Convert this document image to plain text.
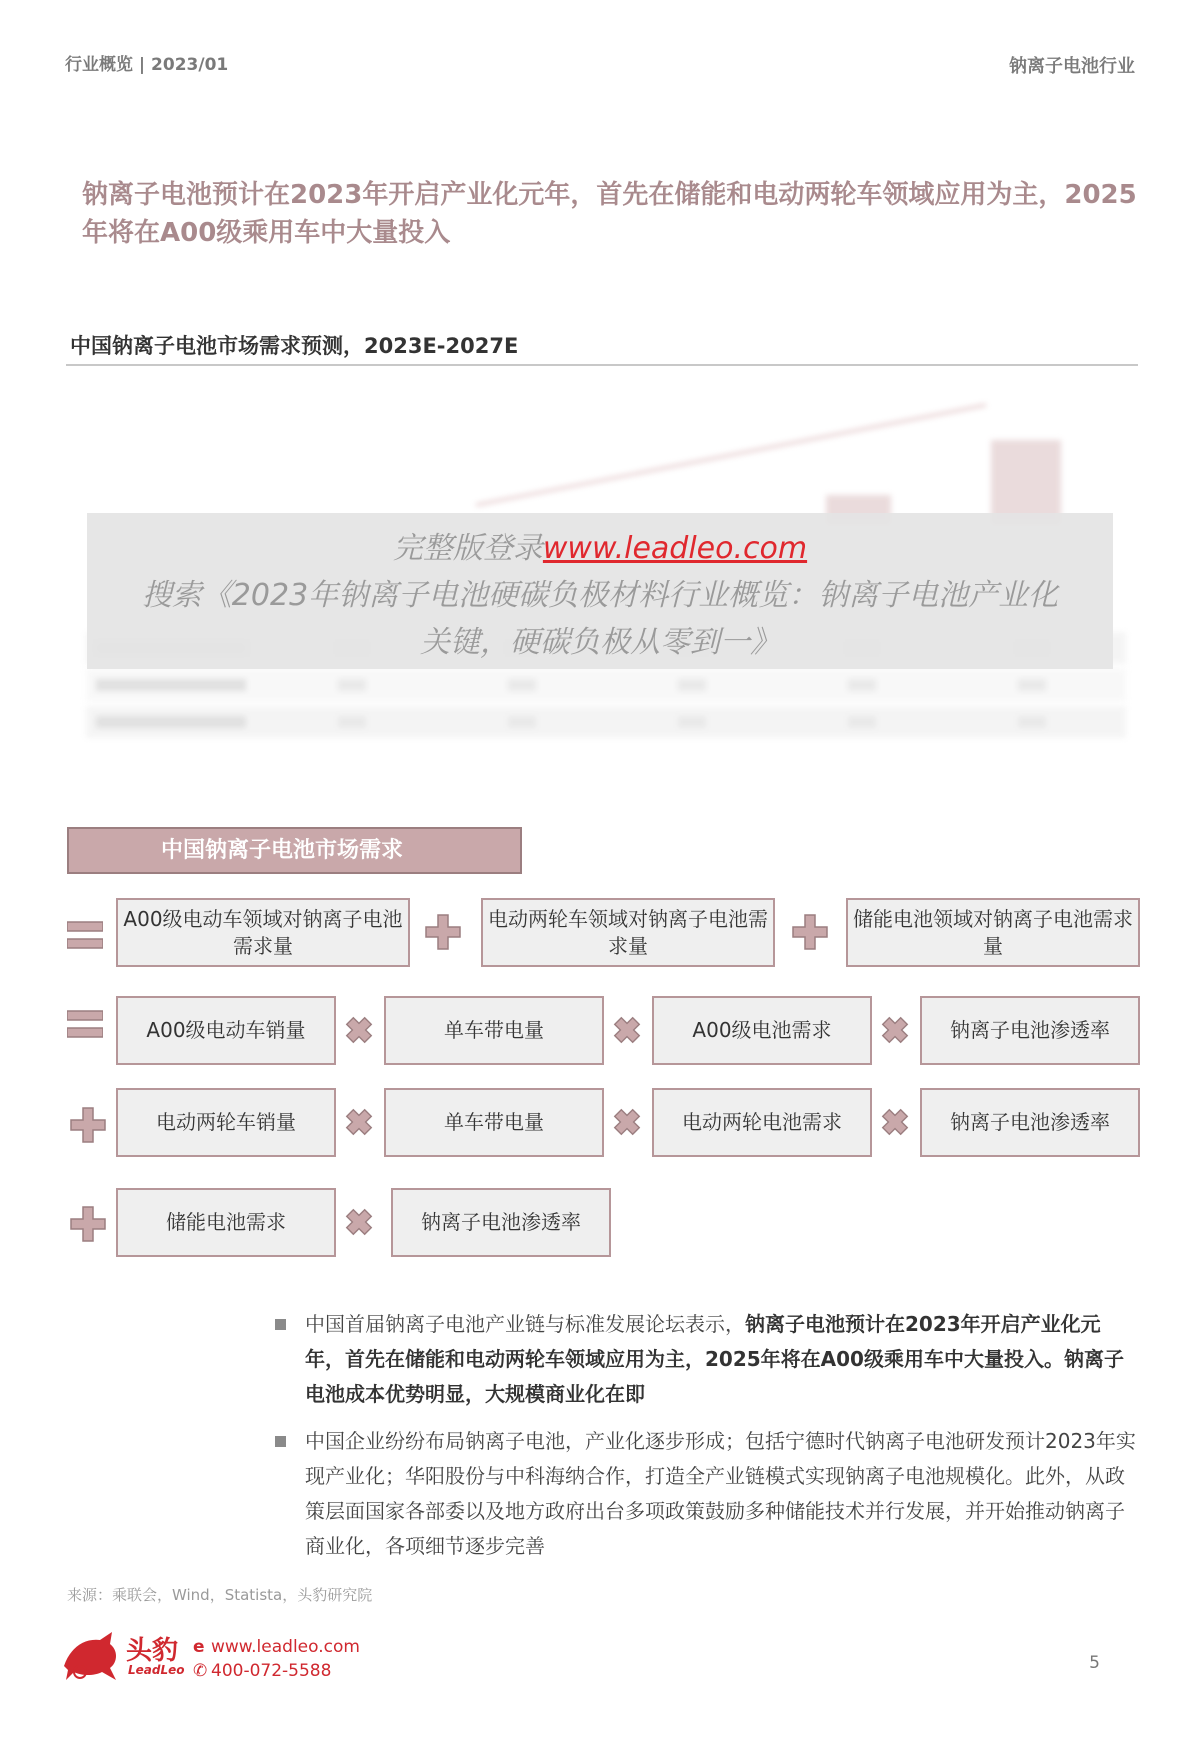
行业概览 | 2023/01	钠离子电池行业
钠离子电池预计在2023年开启产业化元年，首先在储能和电动两轮车领域应用为主，2025年将在A00级乘用车中大量投入
中国钠离子电池市场需求预测，2023E-2027E
完整版登录www.leadleo.com
搜索《2023年钠离子电池硬碳负极材料行业概览：钠离子电池产业化
关键，硬碳负极从零到一》
中国钠离子电池市场需求
A00级电动车领域对钠离子电池需求量
电动两轮车领域对钠离子电池需求量
储能电池领域对钠离子电池需求量
A00级电动车销量	单车带电量	A00级电池需求	钠离子电池渗透率
电动两轮车销量	单车带电量	电动两轮电池需求	钠离子电池渗透率
储能电池需求	钠离子电池渗透率
中国首届钠离子电池产业链与标准发展论坛表示，钠离子电池预计在2023年开启产业化元年，首先在储能和电动两轮车领域应用为主，2025年将在A00级乘用车中大量投入。钠离子电池成本优势明显，大规模商业化在即
中国企业纷纷布局钠离子电池，产业化逐步形成；包括宁德时代钠离子电池研发预计2023年实现产业化；华阳股份与中科海纳合作，打造全产业链模式实现钠离子电池规模化。此外，从政策层面国家各部委以及地方政府出台多项政策鼓励多种储能技术并行发展，并开始推动钠离子商业化，各项细节逐步完善
来源：乘联会，Wind，Statista，头豹研究院
头豹
LeadLeo
e www.leadleo.com
✆ 400-072-5588	5
